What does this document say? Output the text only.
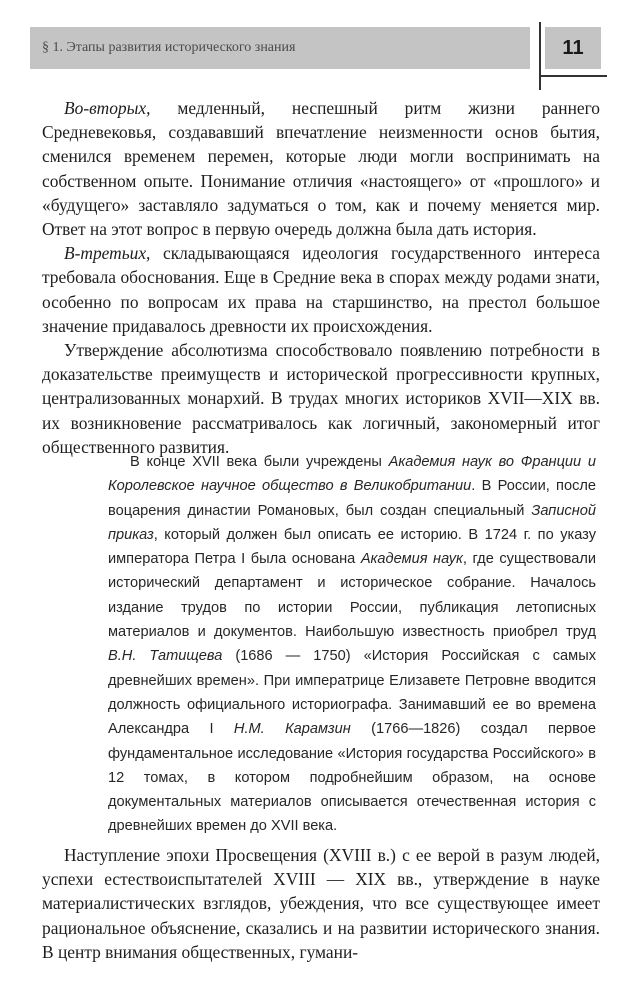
§ 1. Этапы развития исторического знания	11

Во-вторых, медленный, неспешный ритм жизни раннего Средневековья, создававший впечатление неизменности основ бытия, сменился временем перемен, которые люди могли воспринимать на собственном опыте. Понимание отличия «настоящего» от «прошлого» и «будущего» заставляло задуматься о том, как и почему меняется мир. Ответ на этот вопрос в первую очередь должна была дать история.

В-третьих, складывающаяся идеология государственного интереса требовала обоснования. Еще в Средние века в спорах между родами знати, особенно по вопросам их права на старшинство, на престол большое значение придавалось древности их происхождения.

Утверждение абсолютизма способствовало появлению потребности в доказательстве преимуществ и исторической прогрессивности крупных, централизованных монархий. В трудах многих историков XVII—XIX вв. их возникновение рассматривалось как логичный, закономерный итог общественного развития.

В конце XVII века были учреждены Академия наук во Франции и Королевское научное общество в Великобритании. В России, после воцарения династии Романовых, был создан специальный Записной приказ, который должен был описать ее историю. В 1724 г. по указу императора Петра I была основана Академия наук, где существовали исторический департамент и историческое собрание. Началось издание трудов по истории России, публикация летописных материалов и документов. Наибольшую известность приобрел труд В.Н. Татищева (1686 — 1750) «История Российская с самых древнейших времен». При императрице Елизавете Петровне вводится должность официального историографа. Занимавший ее во времена Александра I Н.М. Карамзин (1766—1826) создал первое фундаментальное исследование «История государства Российского» в 12 томах, в котором подробнейшим образом, на основе документальных материалов описывается отечественная история с древнейших времен до XVII века.

Наступление эпохи Просвещения (XVIII в.) с ее верой в разум людей, успехи естествоиспытателей XVIII — XIX вв., утверждение в науке материалистических взглядов, убеждения, что все существующее имеет рациональное объяснение, сказались и на развитии исторического знания. В центр внимания общественных, гумани-
